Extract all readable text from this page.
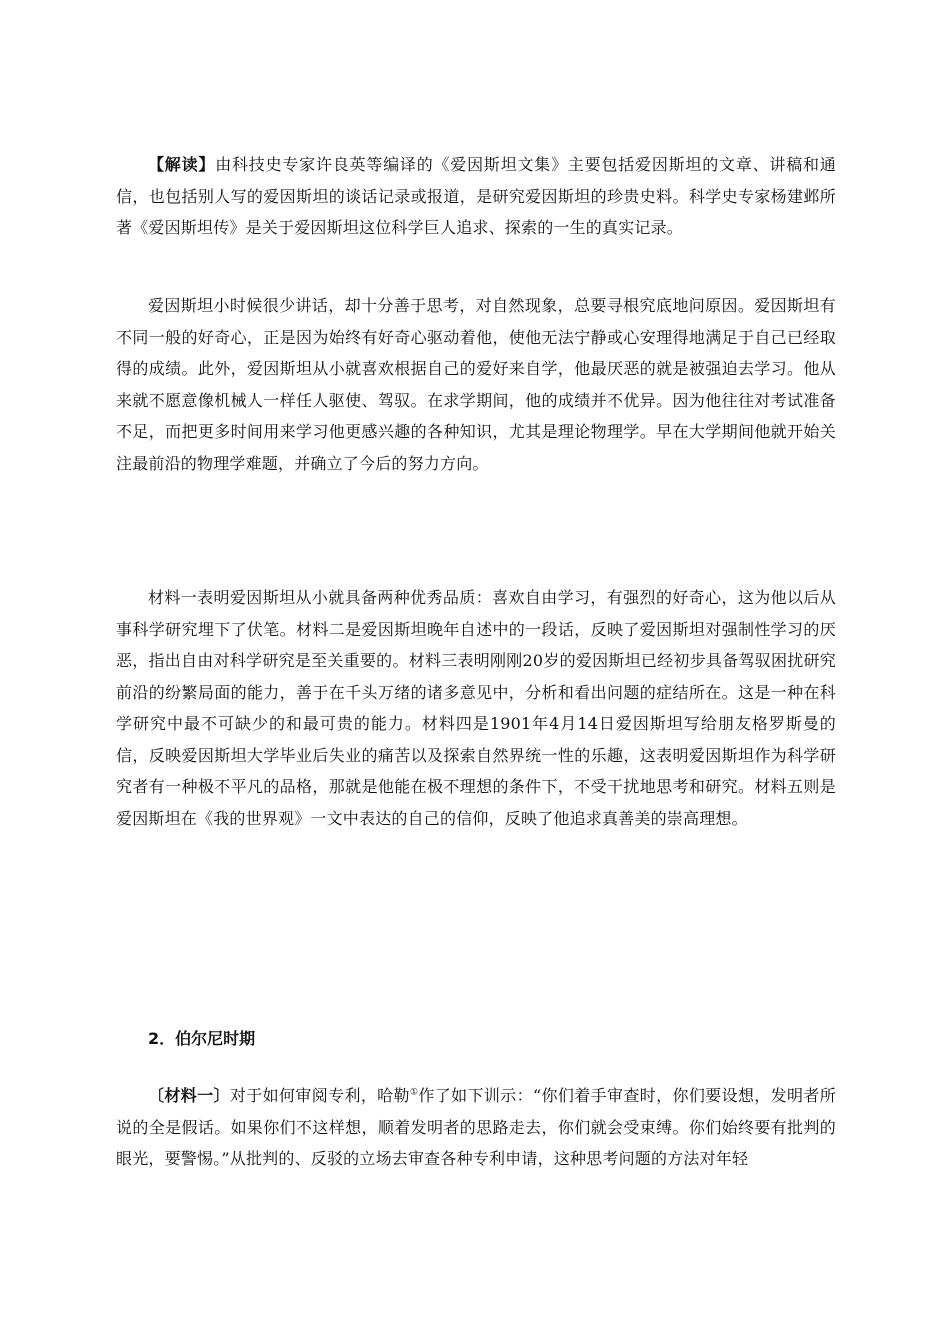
【解读】由科技史专家许良英等编译的《爱因斯坦文集》主要包括爱因斯坦的文章、讲稿和通信，也包括别人写的爱因斯坦的谈话记录或报道，是研究爱因斯坦的珍贵史料。科学史专家杨建邺所著《爱因斯坦传》是关于爱因斯坦这位科学巨人追求、探索的一生的真实记录。

爱因斯坦小时候很少讲话，却十分善于思考，对自然现象，总要寻根究底地问原因。爱因斯坦有不同一般的好奇心，正是因为始终有好奇心驱动着他，使他无法宁静或心安理得地满足于自己已经取得的成绩。此外，爱因斯坦从小就喜欢根据自己的爱好来自学，他最厌恶的就是被强迫去学习。他从来就不愿意像机械人一样任人驱使、驾驭。在求学期间，他的成绩并不优异。因为他往往对考试准备不足，而把更多时间用来学习他更感兴趣的各种知识，尤其是理论物理学。早在大学期间他就开始关注最前沿的物理学难题，并确立了今后的努力方向。

材料一表明爱因斯坦从小就具备两种优秀品质：喜欢自由学习，有强烈的好奇心，这为他以后从事科学研究埋下了伏笔。材料二是爱因斯坦晚年自述中的一段话，反映了爱因斯坦对强制性学习的厌恶，指出自由对科学研究是至关重要的。材料三表明刚刚20岁的爱因斯坦已经初步具备驾驭困扰研究前沿的纷繁局面的能力，善于在千头万绪的诸多意见中，分析和看出问题的症结所在。这是一种在科学研究中最不可缺少的和最可贵的能力。材料四是1901年4月14日爱因斯坦写给朋友格罗斯曼的信，反映爱因斯坦大学毕业后失业的痛苦以及探索自然界统一性的乐趣，这表明爱因斯坦作为科学研究者有一种极不平凡的品格，那就是他能在极不理想的条件下，不受干扰地思考和研究。材料五则是爱因斯坦在《我的世界观》一文中表达的自己的信仰，反映了他追求真善美的崇高理想。

2．伯尔尼时期

〔材料一〕对于如何审阅专利，哈勒①作了如下训示：“你们着手审查时，你们要设想，发明者所说的全是假话。如果你们不这样想，顺着发明者的思路走去，你们就会受束缚。你们始终要有批判的眼光，要警惕。”从批判的、反驳的立场去审查各种专利申请，这种思考问题的方法对年轻
